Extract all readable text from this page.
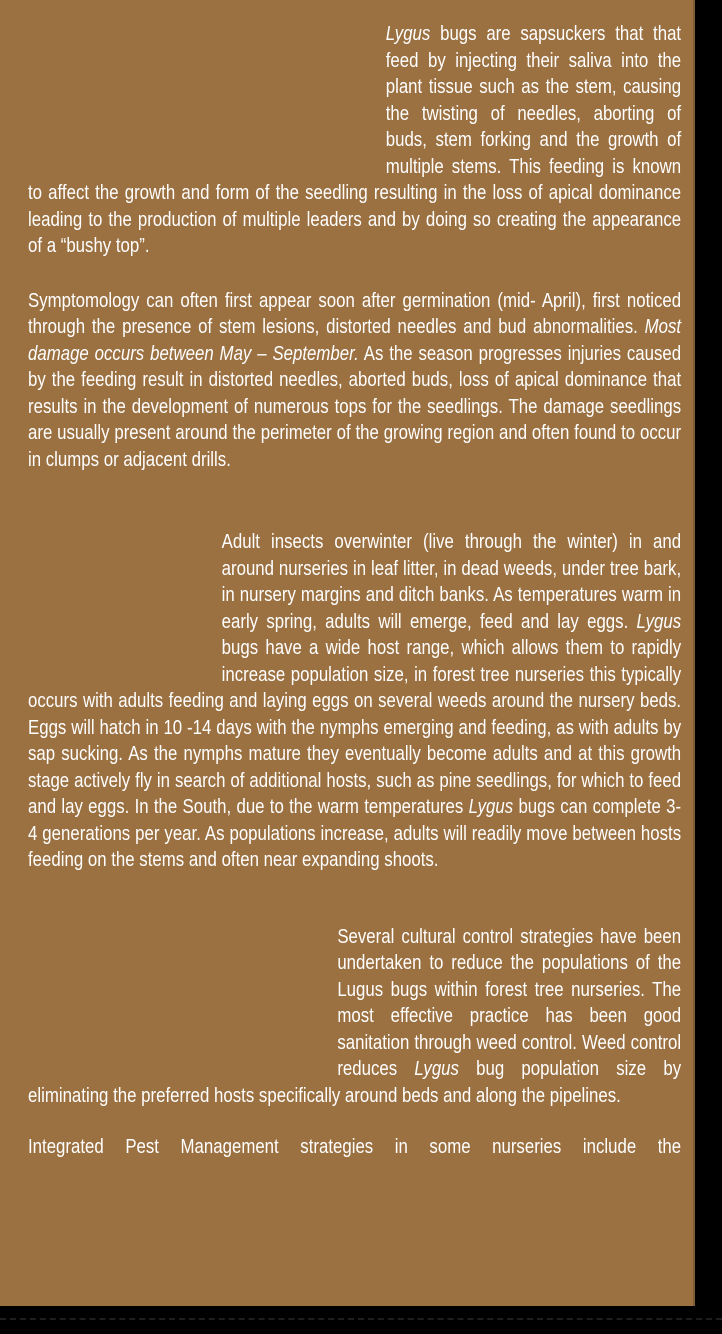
Lygus bugs are sapsuckers that that feed by injecting their saliva into the plant tissue such as the stem, causing the twisting of needles, aborting of buds, stem forking and the growth of multiple stems. This feeding is known to affect the growth and form of the seedling resulting in the loss of apical dominance leading to the production of multiple leaders and by doing so creating the appearance of a “bushy top”.

Symptomology can often first appear soon after germination (mid- April), first noticed through the presence of stem lesions, distorted needles and bud abnormalities. Most damage occurs between May – September. As the season progresses injuries caused by the feeding result in distorted needles, aborted buds, loss of apical dominance that results in the development of numerous tops for the seedlings. The damage seedlings are usually present around the perimeter of the growing region and often found to occur in clumps or adjacent drills.

Adult insects overwinter (live through the winter) in and around nurseries in leaf litter, in dead weeds, under tree bark, in nursery margins and ditch banks. As temperatures warm in early spring, adults will emerge, feed and lay eggs. Lygus bugs have a wide host range, which allows them to rapidly increase population size, in forest tree nurseries this typically occurs with adults feeding and laying eggs on several weeds around the nursery beds. Eggs will hatch in 10 -14 days with the nymphs emerging and feeding, as with adults by sap sucking. As the nymphs mature they eventually become adults and at this growth stage actively fly in search of additional hosts, such as pine seedlings, for which to feed and lay eggs. In the South, due to the warm temperatures Lygus bugs can complete 3-4 generations per year. As populations increase, adults will readily move between hosts feeding on the stems and often near expanding shoots.

Several cultural control strategies have been undertaken to reduce the populations of the Lugus bugs within forest tree nurseries. The most effective practice has been good sanitation through weed control. Weed control reduces Lygus bug population size by eliminating the preferred hosts specifically around beds and along the pipelines.

Integrated Pest Management strategies in some nurseries include the
